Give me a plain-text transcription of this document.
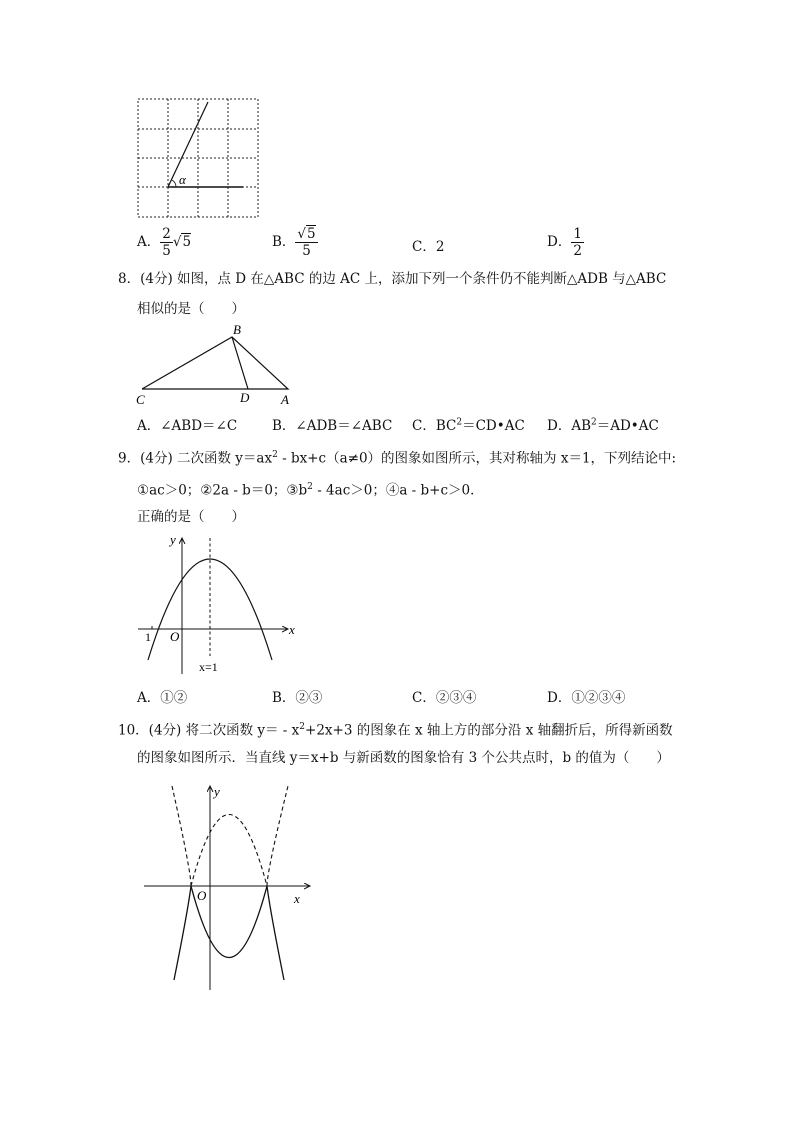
α
A． $\frac{2}{5} √5$	B． $\frac{√5}{5}$	C．2	D． $\frac{1}{2}$
8．(4分) 如图，点 D 在△ABC 的边 AC 上，添加下列一个条件仍不能判断△ADB 与△ABC
相似的是（　　）
B
C	D A
A．∠ABD＝∠C	B．∠ADB＝∠ABC C．$BC^2=CD•AC$ D．$AB^2=AD•AC$
9．(4分) 二次函数 $y=ax^2 - bx+c(a\ne 0)$的图象如图所示，其对称轴为 x＝1，下列结论中:
①ac＞0；②2a - b＝0；$③b^2 - 4ac>0$；④a - b+c＞0．
正确的是（　　）
y
x
O
1
x=1
A．①②	B．②③	C．②③④	D．①②③④
10．(4分) 将二次函数 $y= - x^2+2x+3$ 的图象在 x 轴上方的部分沿 x 轴翻折后，所得新函数
的图象如图所示．当直线 y＝x+b 与新函数的图象恰有 3 个公共点时，b 的值为（　　）
y
x
O
